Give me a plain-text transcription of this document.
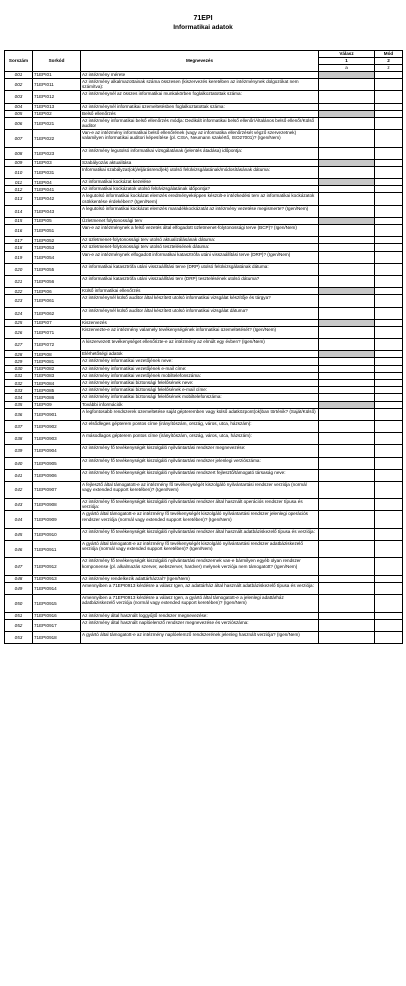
71EPI
Informatikai adatok
Sorszám	Sorkód	Megnevezés	Válasz	Mód
			1	2
			a	z
001	71EPI01	Az intézmény mérete		
002	71EPI011	Az intézmény alkalmazottainak száma összesen (kiszervezés keretében az intézménynek dolgozókat nem számítva):		
003	71EPI012	Az intézménynél az összes informatikai munkakörben foglalkoztatottak száma:		
004	71EPI013	Az intézménynél informatikai üzemeltetésben foglalkoztatottak száma:		
005	71EPI02	Belső ellenőrzés		
006	71EPI021	Az intézmény informatikai belső ellenőrzés módja: Dedikált informatikai belső ellenőr/Általános belső ellenőr/Külső auditor		
007	71EPI022	Van-e az intézmény informatikai belső ellenőrének (vagy az informatika ellenőrzését végző szervezetnek) valamilyen informatikai auditori képesítése (pl. CISA, Neumann szakértő, ISO27001)? (Igen/Nem)		
008	71EPI023	Az intézmény legutolsó informatikai vizsgálatának (jelentés átadása) időpontja:		
009	71EPI03	Szabályozás aktualitása		
010	71EPI031	Informatikai szabályzat(ok)/eljárásrend(ek) utolsó felülvizsgálatának/módosításának dátuma:		
011	71EPI04	Az informatikai kockázat kezelése		
012	71EPI041	Az informatikai kockázatok utolsó felülvizsgálatának időpontja?		
013	71EPI042	A legutolsó informatikai kockázat elemzés eredményeképpen készült-e intézkedési terv az informatikai kockázatok csökkentése érdekében? (Igen/Nem)		
014	71EPI043	A legutolsó informatikai kockázat elemzés maradékkockázatát az intézmény vezetése megismerte? (Igen/Nem)		
015	71EPI05	Üzletmenet folytonossági terv		
016	71EPI051	Van-e az intézménynek a felső vezetés által elfogadott üzletmenet-folytonossági terve (BCP)? (Igen/Nem)		
017	71EPI052	Az üzletmenet-folytonossági terv utolsó aktualizálásának dátuma:		
018	71EPI053	Az üzletmenet-folytonossági terv utolsó tesztelésének dátuma:		
019	71EPI054	Van-e az intézménynek elfogadott informatikai katasztrófa utáni visszaállítási terve (DRP)? (Igen/Nem)		
020	71EPI055	Az informatikai katasztrófa utáni visszaállítási terve (DRP) utolsó felülvizsgálatának dátuma:		
021	71EPI056	Az informatikai katasztrófa utáni visszaállítási terv (DRP) tesztelésének utolsó dátuma?		
022	71EPI06	Külső informatikai ellenőrzés		
023	71EPI061	Az intézménynél külső auditor által készített utolsó informatikai vizsgálat készítője és tárgya?		
024	71EPI062	Az intézménynél külső auditor által készített utolsó informatikai vizsgálat dátuma?		
025	71EPI07	Kiszervezés		
026	71EPI071	Kiszervezte-e az intézmény valamely tevékenységének informatikai üzemeltetését? (Igen/Nem)		
027	71EPI072	A kiszervezett tevékenységet ellenőrizte-e az intézmény az elmúlt egy évben? (Igen/Nem)		
028	71EPI08	Elérhetőségi adatok		
029	71EPI081	Az intézmény informatikai vezetőjének neve:		
030	71EPI082	Az intézmény informatikai vezetőjének e-mail címe:		
031	71EPI083	Az intézmény informatikai vezetőjének mobiltelefonszáma:		
032	71EPI084	Az intézmény informatikai biztonsági felelősének neve:		
033	71EPI085	Az intézmény informatikai biztonsági felelősének e-mail címe:		
034	71EPI086	Az intézmény informatikai biztonsági felelősének mobiltelefonszáma:		
035	71EPI09	További információk		
036	71EPI0901	A legfontosabb rendszerek üzemeltetése saját gépteremben vagy külső adatközpont(ok)ban történik? (Saját/Külső)		
037	71EPI0902	Az elsődleges gépterem pontos címe (irányítószám, ország, város, utca, házszám):		
038	71EPI0903	A másodlagos gépterem pontos címe (irányítószám, ország, város, utca, házszám):		
039	71EPI0904	Az intézmény fő tevékenységét kiszolgáló nyilvántartási rendszer megnevezése:		
040	71EPI0905	Az intézmény fő tevékenységét kiszolgáló nyilvántartási rendszer jelenlegi verziószáma:		
041	71EPI0906	Az intézmény fő tevékenységét kiszolgáló nyilvántartási rendszert fejlesztő/támogató társaság neve:		
042	71EPI0907	A fejlesztő által támogatott-e az intézmény fő tevékenységét kiszolgáló nyilvántartási rendszer verziója (normál vagy extended support keretében)? (Igen/Nem)		
043	71EPI0908	Az intézmény fő tevékenységét kiszolgáló nyilvántartási rendszer által használt operációs rendszer típusa és verziója:		
044	71EPI0909	A gyártó által támogatott-e az intézmény fő tevékenységét kiszolgáló nyilvántartási rendszer jelenlegi operációs rendszer verziója (normál vagy extended support keretében)? (Igen/Nem)		
045	71EPI0910	Az intézmény fő tevékenységét kiszolgáló nyilvántartási rendszer által használt adatbáziskezelő típusa és verziója:		
046	71EPI0911	A gyártó által támogatott-e az intézmény fő tevékenységét kiszolgáló nyilvántartási rendszer adatbáziskezelő verziója (normál vagy extended support keretében)? (Igen/Nem)		
047	71EPI0912	Az intézmény fő tevékenységét kiszolgáló nyilvántartási rendszernek van-e bármilyen egyéb olyan rendszer komponense (pl. alkalmazás szerver, webszerver, hardver) melynek verziója nem támogatott? (Igen/Nem)		
048	71EPI0913	Az intézmény rendelkezik adattárházzal? (Igen/Nem)		
049	71EPI0914	Amennyiben a 71EPI0913 kérdésre a válasz Igen, az adattárház által használt adatbáziskezelő típusa és verziója:		
050	71EPI0915	Amennyiben a 71EPI0913 kérdésre a válasz Igen, a gyártó által támogatott-e a jelenlegi adattárház adatbáziskezelő verziója (normál vagy extended support keretében)? (Igen/Nem)		
051	71EPI0916	Az intézmény által használt loggyűjtő rendszer megnevezése:		
052	71EPI0917	Az intézmény által használt naplóelemző rendszer megnevezése és verziószáma:		
053	71EPI0918	A gyártó által támogatott-e az intézmény naplóelemző rendszerének jelenleg használt verziója? (Igen/Nem)		
